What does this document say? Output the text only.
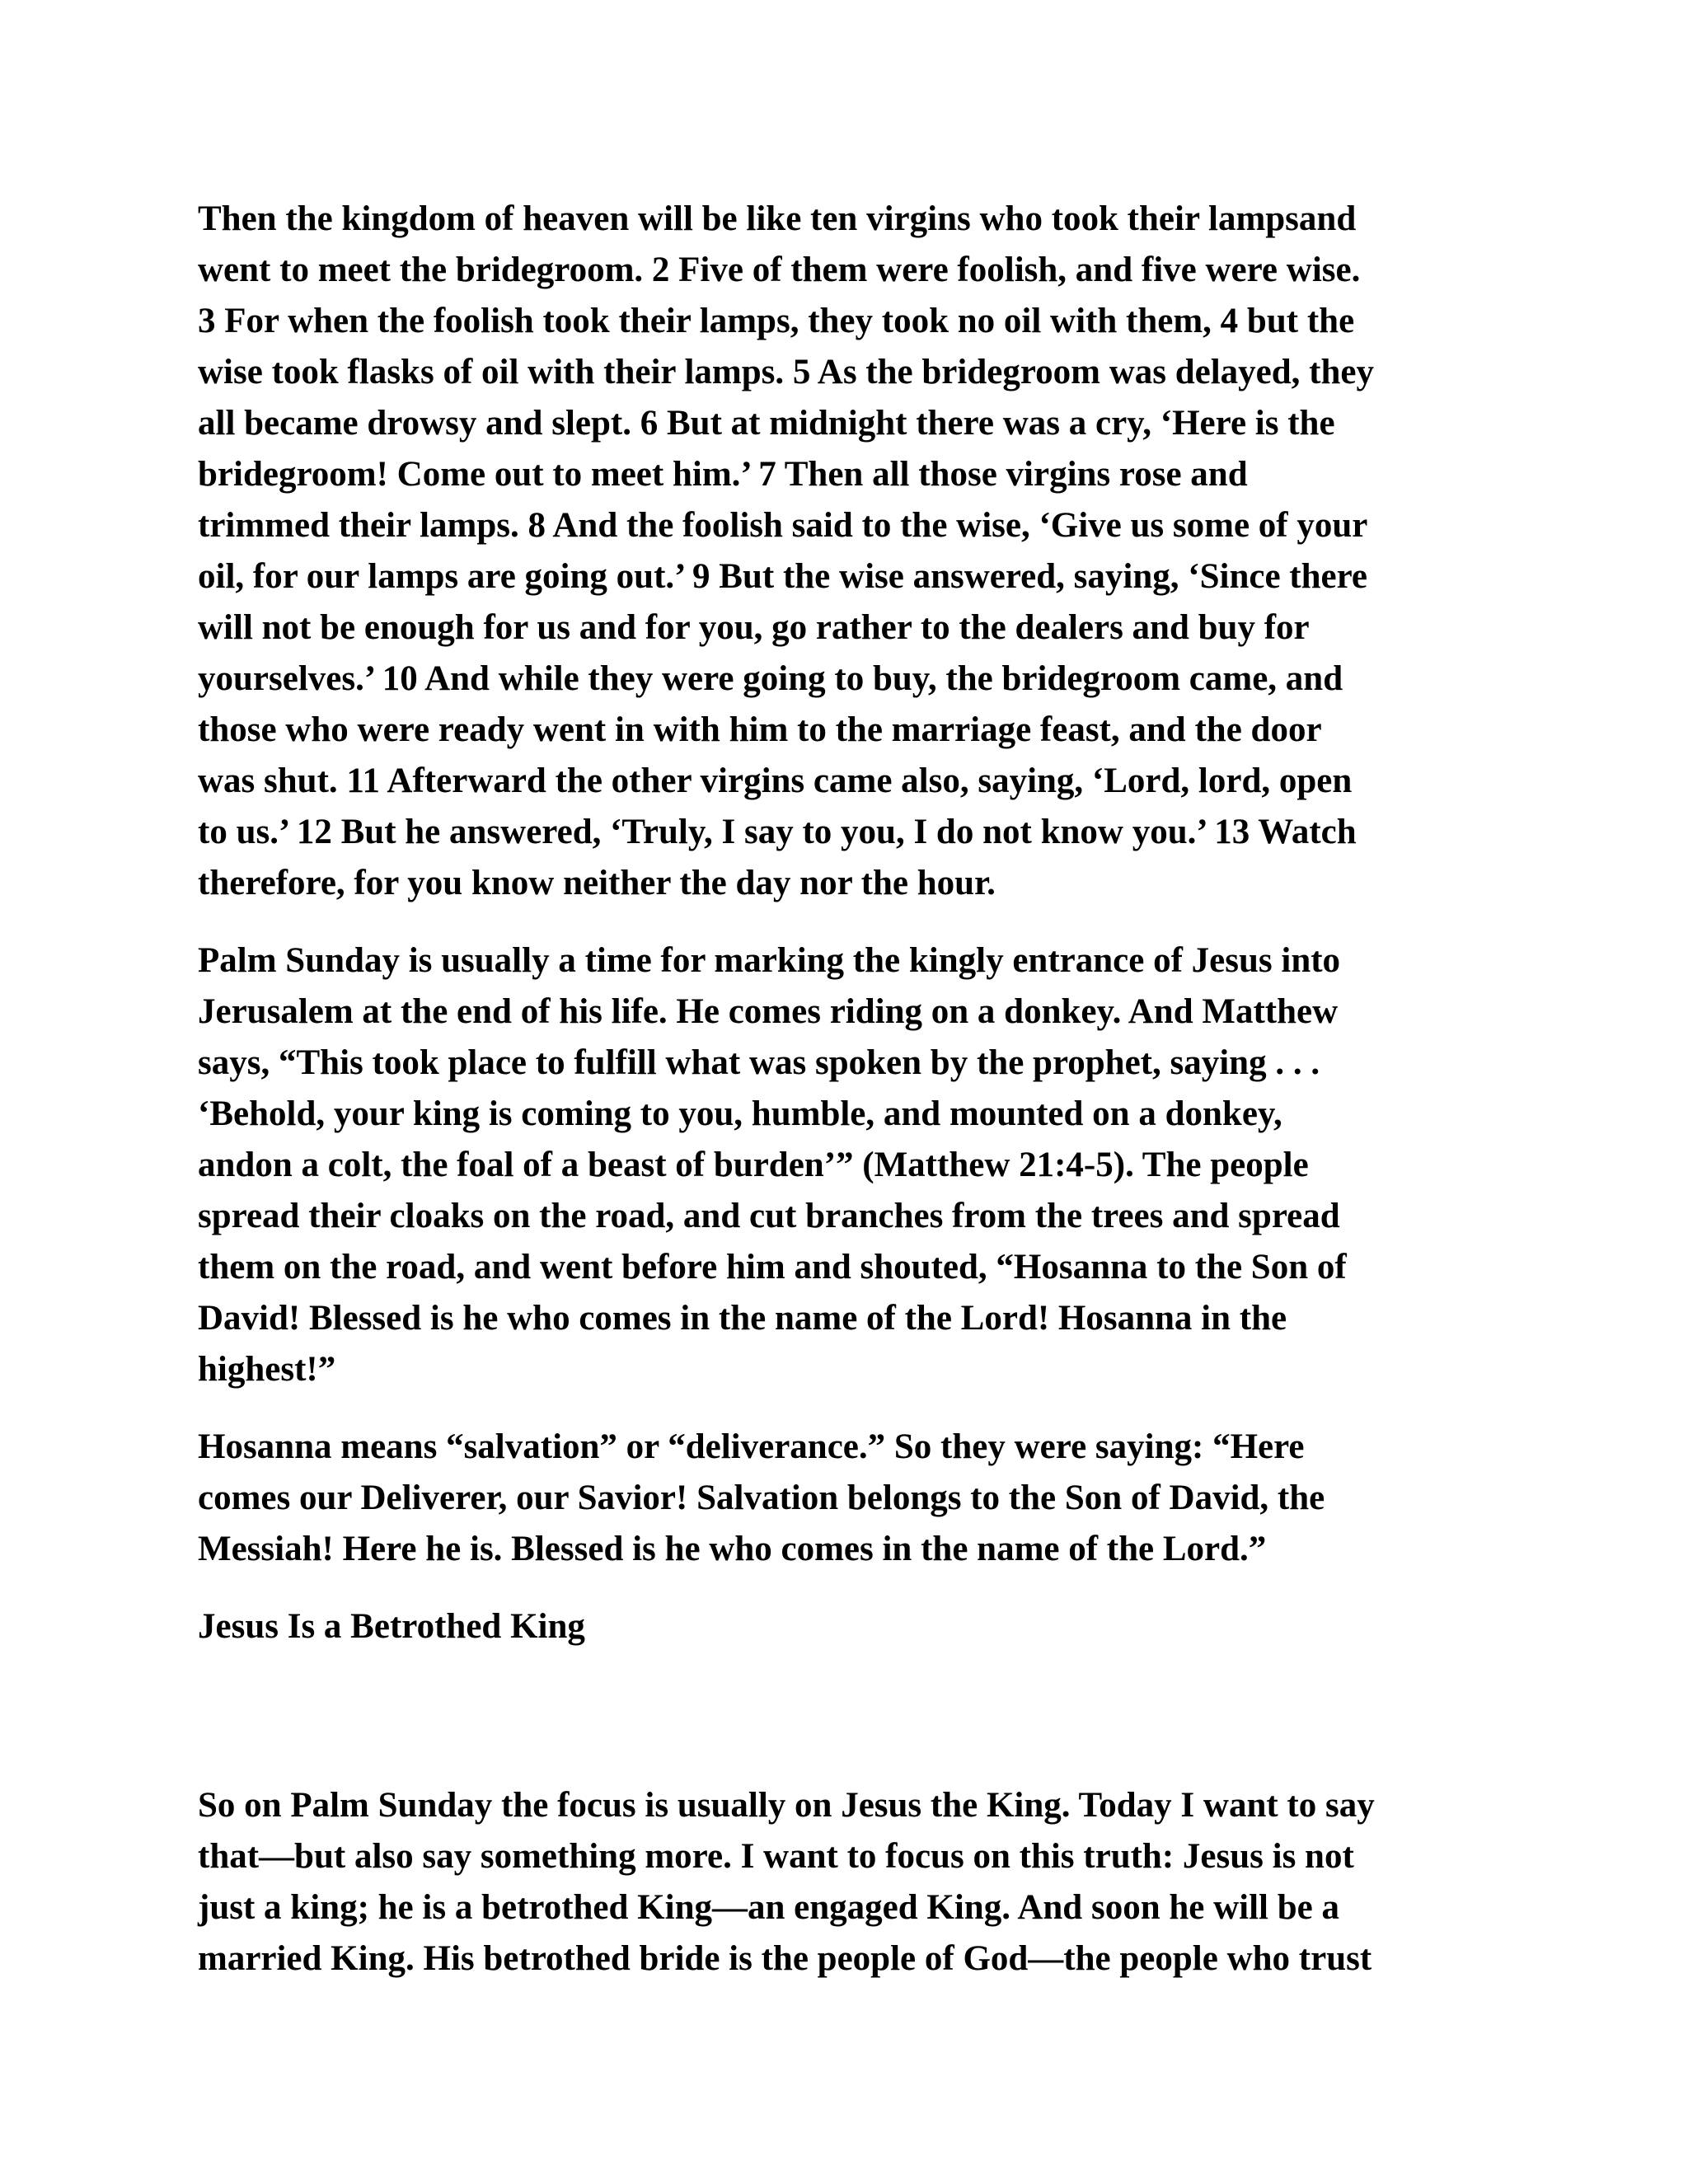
Then the kingdom of heaven will be like ten virgins who took their lampsand
went to meet the bridegroom. 2 Five of them were foolish, and five were wise.
3 For when the foolish took their lamps, they took no oil with them, 4 but the
wise took flasks of oil with their lamps. 5 As the bridegroom was delayed, they
all became drowsy and slept. 6 But at midnight there was a cry, ‘Here is the
bridegroom! Come out to meet him.’ 7 Then all those virgins rose and
trimmed their lamps. 8 And the foolish said to the wise, ‘Give us some of your
oil, for our lamps are going out.’ 9 But the wise answered, saying, ‘Since there
will not be enough for us and for you, go rather to the dealers and buy for
yourselves.’ 10 And while they were going to buy, the bridegroom came, and
those who were ready went in with him to the marriage feast, and the door
was shut. 11 Afterward the other virgins came also, saying, ‘Lord, lord, open
to us.’ 12 But he answered, ‘Truly, I say to you, I do not know you.’ 13 Watch
therefore, for you know neither the day nor the hour.

Palm Sunday is usually a time for marking the kingly entrance of Jesus into
Jerusalem at the end of his life. He comes riding on a donkey. And Matthew
says, “This took place to fulfill what was spoken by the prophet, saying . . .
‘Behold, your king is coming to you, humble, and mounted on a donkey,
andon a colt, the foal of a beast of burden’” (Matthew 21:4-5). The people
spread their cloaks on the road, and cut branches from the trees and spread
them on the road, and went before him and shouted, “Hosanna to the Son of
David! Blessed is he who comes in the name of the Lord! Hosanna in the
highest!”

Hosanna means “salvation” or “deliverance.” So they were saying: “Here
comes our Deliverer, our Savior! Salvation belongs to the Son of David, the
Messiah! Here he is. Blessed is he who comes in the name of the Lord.”

Jesus Is a Betrothed King

So on Palm Sunday the focus is usually on Jesus the King. Today I want to say
that—but also say something more. I want to focus on this truth: Jesus is not
just a king; he is a betrothed King—an engaged King. And soon he will be a
married King. His betrothed bride is the people of God—the people who trust
